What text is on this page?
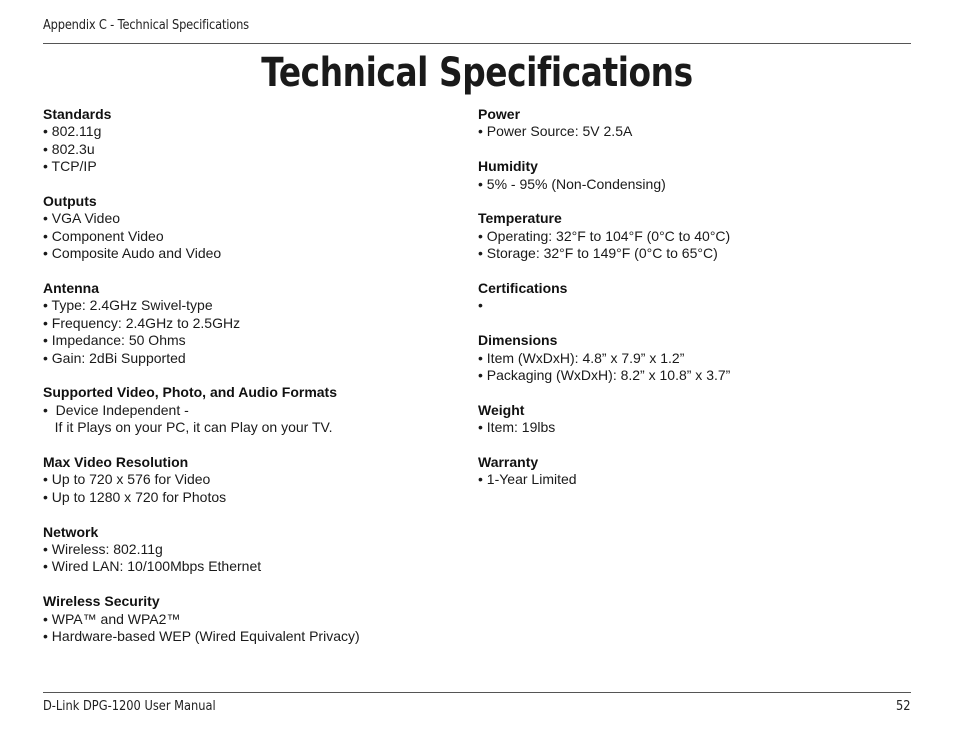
Appendix C - Technical Specifications
Technical Specifications
Standards
• 802.11g
• 802.3u
• TCP/IP
Outputs
• VGA Video
• Component Video
• Composite Audo and Video
Antenna
• Type: 2.4GHz Swivel-type
• Frequency: 2.4GHz to 2.5GHz
• Impedance: 50 Ohms
• Gain: 2dBi Supported
Supported Video, Photo, and Audio Formats
•  Device Independent -
If it Plays on your PC, it can Play on your TV.
Max Video Resolution
• Up to 720 x 576 for Video
• Up to 1280 x 720 for Photos
Network
• Wireless: 802.11g
• Wired LAN: 10/100Mbps Ethernet
Wireless Security
• WPA™ and WPA2™
• Hardware-based WEP (Wired Equivalent Privacy)
Power
• Power Source: 5V 2.5A
Humidity
• 5% - 95% (Non-Condensing)
Temperature
• Operating: 32°F to 104°F (0°C to 40°C)
• Storage: 32°F to 149°F (0°C to 65°C)
Certifications
•
Dimensions
• Item (WxDxH): 4.8” x 7.9” x 1.2”
• Packaging (WxDxH): 8.2” x 10.8” x 3.7”
Weight
• Item: 19lbs
Warranty
• 1-Year Limited
D-Link DPG-1200 User Manual	52
